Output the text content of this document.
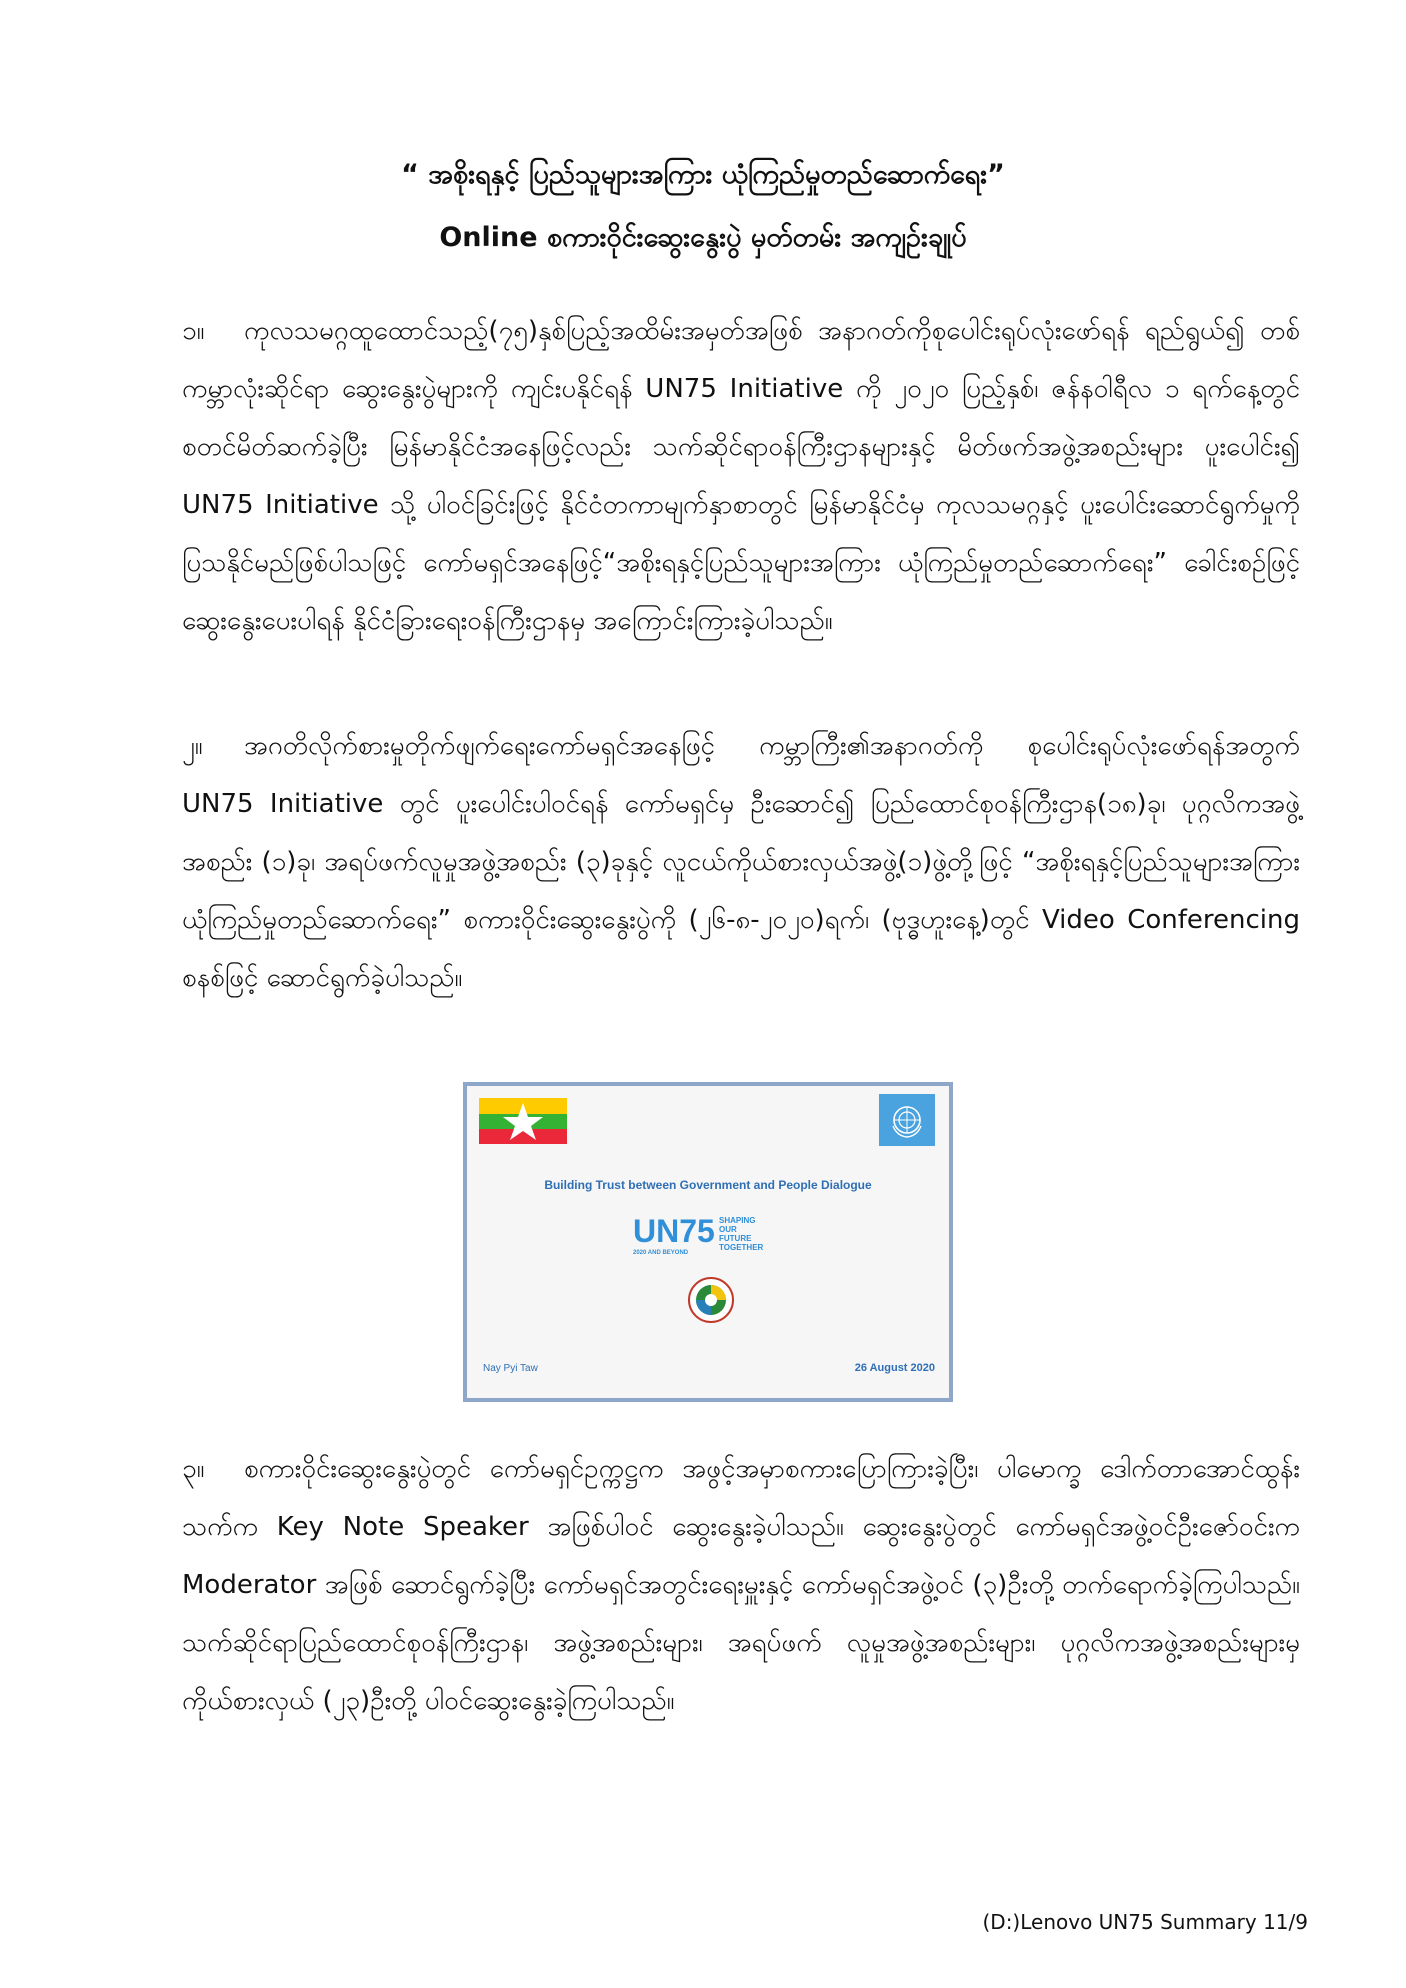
“ အစိုးရနှင့် ပြည်သူများအကြား ယုံကြည်မှုတည်ဆောက်ရေး”
Online စကားဝိုင်းဆွေးနွေးပွဲ မှတ်တမ်း အကျဉ်းချုပ်
၁။ ကုလသမဂ္ဂထူထောင်သည့်(၇၅)နှစ်ပြည့်အထိမ်းအမှတ်အဖြစ် အနာဂတ်ကိုစုပေါင်းရုပ်လုံးဖော်ရန် ရည်ရွယ်၍ တစ်ကမ္ဘာလုံးဆိုင်ရာ ဆွေးနွေးပွဲများကို ကျင်းပနိုင်ရန် UN75 Initiative ကို ၂၀၂၀ ပြည့်နှစ်၊ ဇန်နဝါရီလ ၁ ရက်နေ့တွင် စတင်မိတ်ဆက်ခဲ့ပြီး မြန်မာနိုင်ငံအနေဖြင့်လည်း သက်ဆိုင်ရာဝန်ကြီးဌာနများနှင့် မိတ်ဖက်အဖွဲ့အစည်းများ ပူးပေါင်း၍ UN75 Initiative သို့ ပါဝင်ခြင်းဖြင့် နိုင်ငံတကာမျက်နှာစာတွင် မြန်မာနိုင်ငံမှ ကုလသမဂ္ဂနှင့် ပူးပေါင်းဆောင်ရွက်မှုကို ပြသနိုင်မည်ဖြစ်ပါသဖြင့် ကော်မရှင်အနေဖြင့်“အစိုးရနှင့်ပြည်သူများအကြား ယုံကြည်မှုတည်ဆောက်ရေး” ခေါင်းစဉ်ဖြင့် ဆွေးနွေးပေးပါရန် နိုင်ငံခြားရေးဝန်ကြီးဌာနမှ အကြောင်းကြားခဲ့ပါသည်။
၂။ အဂတိလိုက်စားမှုတိုက်ဖျက်ရေးကော်မရှင်အနေဖြင့် ကမ္ဘာကြီး၏အနာဂတ်ကို စုပေါင်းရုပ်လုံးဖော်ရန်အတွက် UN75 Initiative တွင် ပူးပေါင်းပါဝင်ရန် ကော်မရှင်မှ ဦးဆောင်၍ ပြည်ထောင်စုဝန်ကြီးဌာန(၁၈)ခု၊ ပုဂ္ဂလိကအဖွဲ့အစည်း (၁)ခု၊ အရပ်ဖက်လူမှုအဖွဲ့အစည်း (၃)ခုနှင့် လူငယ်ကိုယ်စားလှယ်အဖွဲ့(၁)ဖွဲ့တို့ဖြင့် “အစိုးရနှင့်ပြည်သူများအကြား ယုံကြည်မှုတည်ဆောက်ရေး” စကားဝိုင်းဆွေးနွေးပွဲကို (၂၆-၈-၂၀၂၀)ရက်၊ (ဗုဒ္ဓဟူးနေ့)တွင် Video Conferencing စနစ်ဖြင့် ဆောင်ရွက်ခဲ့ပါသည်။
Building Trust between Government and People Dialogue
UN75 SHAPING OUR FUTURE TOGETHER
2020 AND BEYOND
Nay Pyi Taw	26 August 2020
၃။ စကားဝိုင်းဆွေးနွေးပွဲတွင် ကော်မရှင်ဥက္ကဋ္ဌက အဖွင့်အမှာစကားပြောကြားခဲ့ပြီး၊ ပါမောက္ခ ဒေါက်တာအောင်ထွန်းသက်က Key Note Speaker အဖြစ်ပါဝင် ဆွေးနွေးခဲ့ပါသည်။ ဆွေးနွေးပွဲတွင် ကော်မရှင်အဖွဲ့ဝင်ဦးဇော်ဝင်းက Moderator အဖြစ် ဆောင်ရွက်ခဲ့ပြီး ကော်မရှင်အတွင်းရေးမှူးနှင့် ကော်မရှင်အဖွဲ့ဝင် (၃)ဦးတို့ တက်ရောက်ခဲ့ကြပါသည်။ သက်ဆိုင်ရာပြည်ထောင်စုဝန်ကြီးဌာန၊ အဖွဲ့အစည်းများ၊ အရပ်ဖက် လူမှုအဖွဲ့အစည်းများ၊ ပုဂ္ဂလိကအဖွဲ့အစည်းများမှ ကိုယ်စားလှယ် (၂၃)ဦးတို့ ပါဝင်ဆွေးနွေးခဲ့ကြပါသည်။
(D:)Lenovo UN75 Summary 11/9
